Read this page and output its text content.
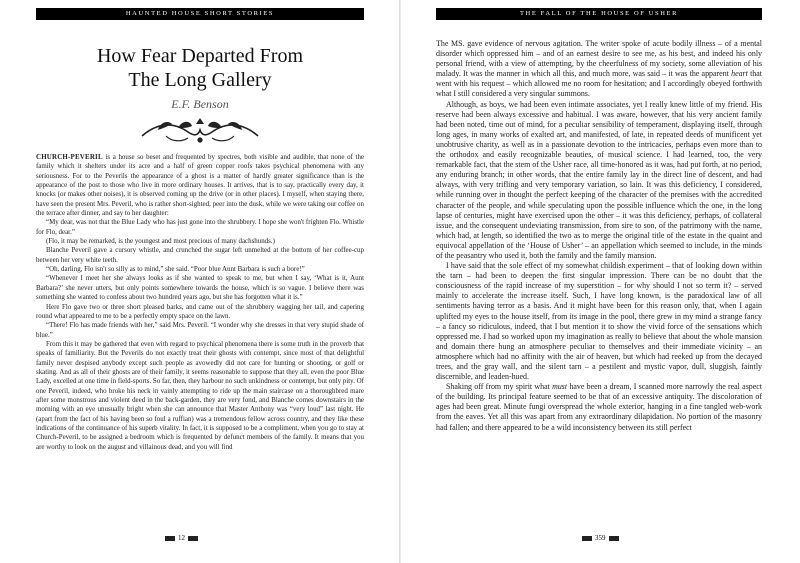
HAUNTED HOUSE SHORT STORIES
How Fear Departed From
The Long Gallery
E.F. Benson

CHURCH-PEVERIL is a house so beset and frequented by spectres, both visible and audible, that none of the family which it shelters under its acre and a half of green copper roofs takes psychical phenomena with any seriousness. For to the Peverils the appearance of a ghost is a matter of hardly greater significance than is the appearance of the post to those who live in more ordinary houses. It arrives, that is to say, practically every day, it knocks (or makes other noises), it is observed coming up the drive (or in other places). I myself, when staying there, have seen the present Mrs. Peveril, who is rather short-sighted, peer into the dusk, while we were taking our coffee on the terrace after dinner, and say to her daughter:

“My dear, was not that the Blue Lady who has just gone into the shrubbery. I hope she won't frighten Flo. Whistle for Flo, dear.”

(Flo, it may be remarked, is the youngest and most precious of many dachshunds.)

Blanche Peveril gave a cursory whistle, and crunched the sugar left unmelted at the bottom of her coffee-cup between her very white teeth.

“Oh, darling, Flo isn't so silly as to mind,” she said. “Poor blue Aunt Barbara is such a bore!”

“Whenever I meet her she always looks as if she wanted to speak to me, but when I say, ‘What is it, Aunt Barbara?’ she never utters, but only points somewhere towards the house, which is so vague. I believe there was something she wanted to confess about two hundred years ago, but she has forgotten what it is.”

Here Flo gave two or three short pleased barks, and came out of the shrubbery wagging her tail, and capering round what appeared to me to be a perfectly empty space on the lawn.

“There! Flo has made friends with her,” said Mrs. Peveril. “I wonder why she dresses in that very stupid shade of blue.”

From this it may be gathered that even with regard to psychical phenomena there is some truth in the proverb that speaks of familiarity. But the Peverils do not exactly treat their ghosts with contempt, since most of that delightful family never despised anybody except such people as avowedly did not care for hunting or shooting, or golf or skating. And as all of their ghosts are of their family, it seems reasonable to suppose that they all, even the poor Blue Lady, excelled at one time in field-sports. So far, then, they harbour no such unkindness or contempt, but only pity. Of one Peveril, indeed, who broke his neck in vainly attempting to ride up the main staircase on a thoroughbred mare after some monstrous and violent deed in the back-garden, they are very fond, and Blanche comes downstairs in the morning with an eye unusually bright when she can announce that Master Anthony was “very loud” last night. He (apart from the fact of his having been so foul a ruffian) was a tremendous fellow across country, and they like these indications of the continuance of his superb vitality. In fact, it is supposed to be a compliment, when you go to stay at Church-Peveril, to be assigned a bedroom which is frequented by defunct members of the family. It means that you are worthy to look on the august and villainous dead, and you will find

12
THE FALL OF THE HOUSE OF USHER

The MS. gave evidence of nervous agitation. The writer spoke of acute bodily illness – of a mental disorder which oppressed him – and of an earnest desire to see me, as his best, and indeed his only personal friend, with a view of attempting, by the cheerfulness of my society, some alleviation of his malady. It was the manner in which all this, and much more, was said – it was the apparent heart that went with his request – which allowed me no room for hesitation; and I accordingly obeyed forthwith what I still considered a very singular summons.

Although, as boys, we had been even intimate associates, yet I really knew little of my friend. His reserve had been always excessive and habitual. I was aware, however, that his very ancient family had been noted, time out of mind, for a peculiar sensibility of temperament, displaying itself, through long ages, in many works of exalted art, and manifested, of late, in repeated deeds of munificent yet unobtrusive charity, as well as in a passionate devotion to the intricacies, perhaps even more than to the orthodox and easily recognizable beauties, of musical science. I had learned, too, the very remarkable fact, that the stem of the Usher race, all time-honored as it was, had put forth, at no period, any enduring branch; in other words, that the entire family lay in the direct line of descent, and had always, with very trifling and very temporary variation, so lain. It was this deficiency, I considered, while running over in thought the perfect keeping of the character of the premises with the accredited character of the people, and while speculating upon the possible influence which the one, in the long lapse of centuries, might have exercised upon the other – it was this deficiency, perhaps, of collateral issue, and the consequent undeviating transmission, from sire to son, of the patrimony with the name, which had, at length, so identified the two as to merge the original title of the estate in the quaint and equivocal appellation of the ‘House of Usher’ – an appellation which seemed to include, in the minds of the peasantry who used it, both the family and the family mansion.

I have said that the sole effect of my somewhat childish experiment – that of looking down within the tarn – had been to deepen the first singular impression. There can be no doubt that the consciousness of the rapid increase of my superstition – for why should I not so term it? – served mainly to accelerate the increase itself. Such, I have long known, is the paradoxical law of all sentiments having terror as a basis. And it might have been for this reason only, that, when I again uplifted my eyes to the house itself, from its image in the pool, there grew in my mind a strange fancy – a fancy so ridiculous, indeed, that I but mention it to show the vivid force of the sensations which oppressed me. I had so worked upon my imagination as really to believe that about the whole mansion and domain there hung an atmosphere peculiar to themselves and their immediate vicinity – an atmosphere which had no affinity with the air of heaven, but which had reeked up from the decayed trees, and the gray wall, and the silent tarn – a pestilent and mystic vapor, dull, sluggish, faintly discernible, and leaden-hued.

Shaking off from my spirit what must have been a dream, I scanned more narrowly the real aspect of the building. Its principal feature seemed to be that of an excessive antiquity. The discoloration of ages had been great. Minute fungi overspread the whole exterior, hanging in a fine tangled web-work from the eaves. Yet all this was apart from any extraordinary dilapidation. No portion of the masonry had fallen; and there appeared to be a wild inconsistency between its still perfect

359
